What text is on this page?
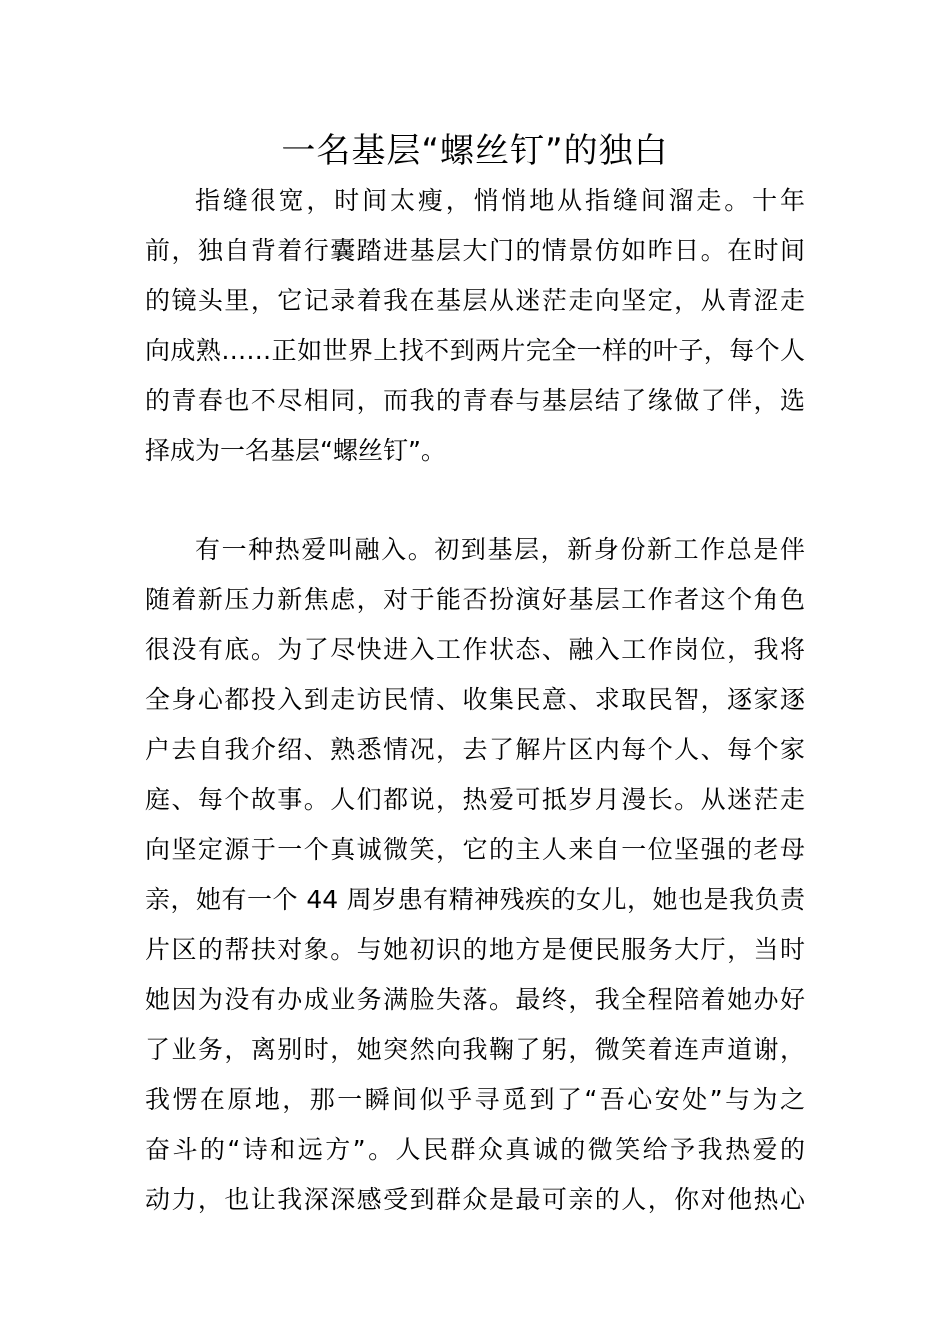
一名基层“螺丝钉”的独白
指缝很宽，时间太瘦，悄悄地从指缝间溜走。十年
前，独自背着行囊踏进基层大门的情景仿如昨日。在时间
的镜头里，它记录着我在基层从迷茫走向坚定，从青涩走
向成熟……正如世界上找不到两片完全一样的叶子，每个人
的青春也不尽相同，而我的青春与基层结了缘做了伴，选
择成为一名基层“螺丝钉”。
有一种热爱叫融入。初到基层，新身份新工作总是伴
随着新压力新焦虑，对于能否扮演好基层工作者这个角色
很没有底。为了尽快进入工作状态、融入工作岗位，我将
全身心都投入到走访民情、收集民意、求取民智，逐家逐
户去自我介绍、熟悉情况，去了解片区内每个人、每个家
庭、每个故事。人们都说，热爱可抵岁月漫长。从迷茫走
向坚定源于一个真诚微笑，它的主人来自一位坚强的老母
亲，她有一个 44 周岁患有精神残疾的女儿，她也是我负责
片区的帮扶对象。与她初识的地方是便民服务大厅，当时
她因为没有办成业务满脸失落。最终，我全程陪着她办好
了业务，离别时，她突然向我鞠了躬，微笑着连声道谢，
我愣在原地，那一瞬间似乎寻觅到了“吾心安处”与为之
奋斗的“诗和远方”。人民群众真诚的微笑给予我热爱的
动力，也让我深深感受到群众是最可亲的人，你对他热心
